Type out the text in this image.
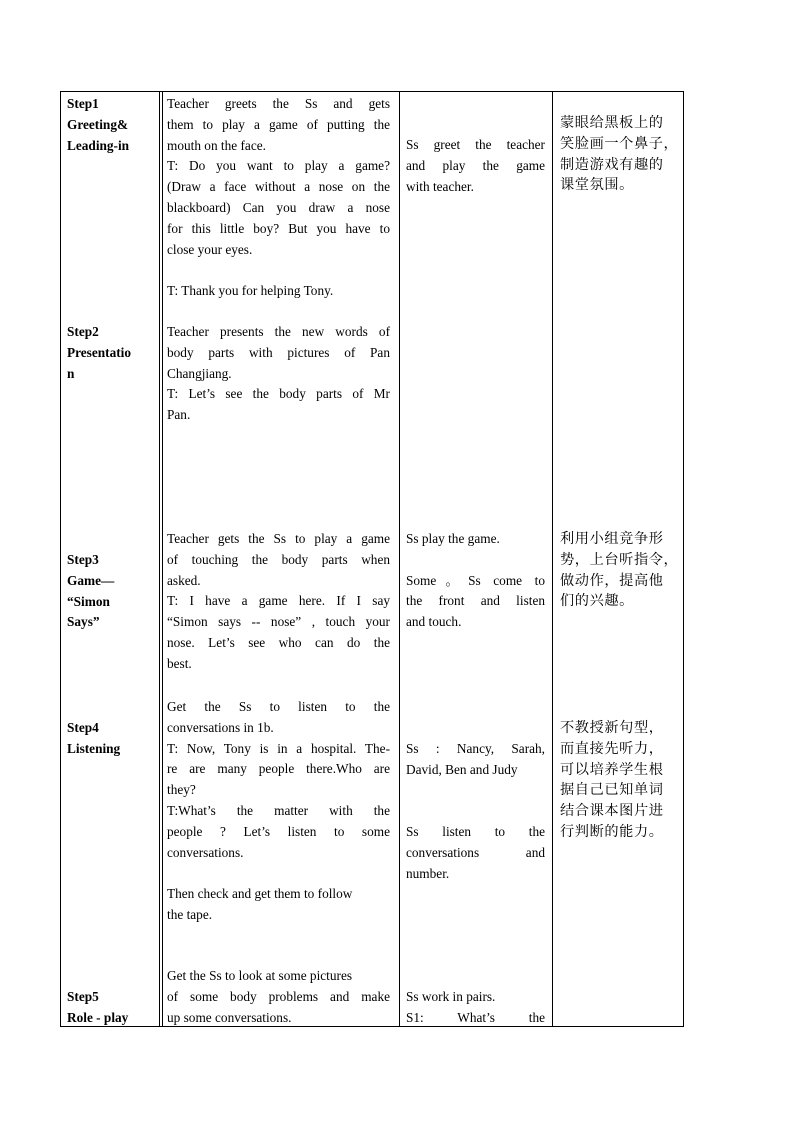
Step1
Greeting&
Leading-in
Step2
Presentatio
n
Step3
Game—
“Simon
Says”
Step4
Listening
Step5
Role - play
Teacher greets the Ss and gets
them to play a game of putting the
mouth on the face.
T: Do you want to play a game?
(Draw a face without a nose on the
blackboard) Can you draw a nose
for this little boy? But you have to
close your eyes.
T: Thank you for helping Tony.
Teacher presents the new words of
body parts with pictures of Pan
Changjiang.
T: Let’s see the body parts of Mr
Pan.
Teacher gets the Ss to play a game
of touching the body parts when
asked.
T: I have a game here. If I say
“Simon says -- nose” , touch your
nose. Let’s see who can do the
best.
Get the Ss to listen to the
conversations in 1b.
T: Now, Tony is in a hospital. The-
re are many people there.Who are
they?
T:What’s the matter with the
people ? Let’s listen to some
conversations.
Then check and get them to follow
the tape.
Get the Ss to look at some pictures
of some body problems and make
up some conversations.
Ss greet the teacher
and play the game
with teacher.
Ss play the game.
Some。Ss come to
the front and listen
and touch.
Ss : Nancy, Sarah,
David, Ben and Judy
Ss listen to the
conversations and
number.
Ss work in pairs.
S1: What’s the
蒙眼给黑板上的
笑脸画一个鼻子，
制造游戏有趣的
课堂氛围。
利用小组竞争形
势，上台听指令，
做动作，提高他
们的兴趣。
不教授新句型，
而直接先听力，
可以培养学生根
据自己已知单词
结合课本图片进
行判断的能力。
